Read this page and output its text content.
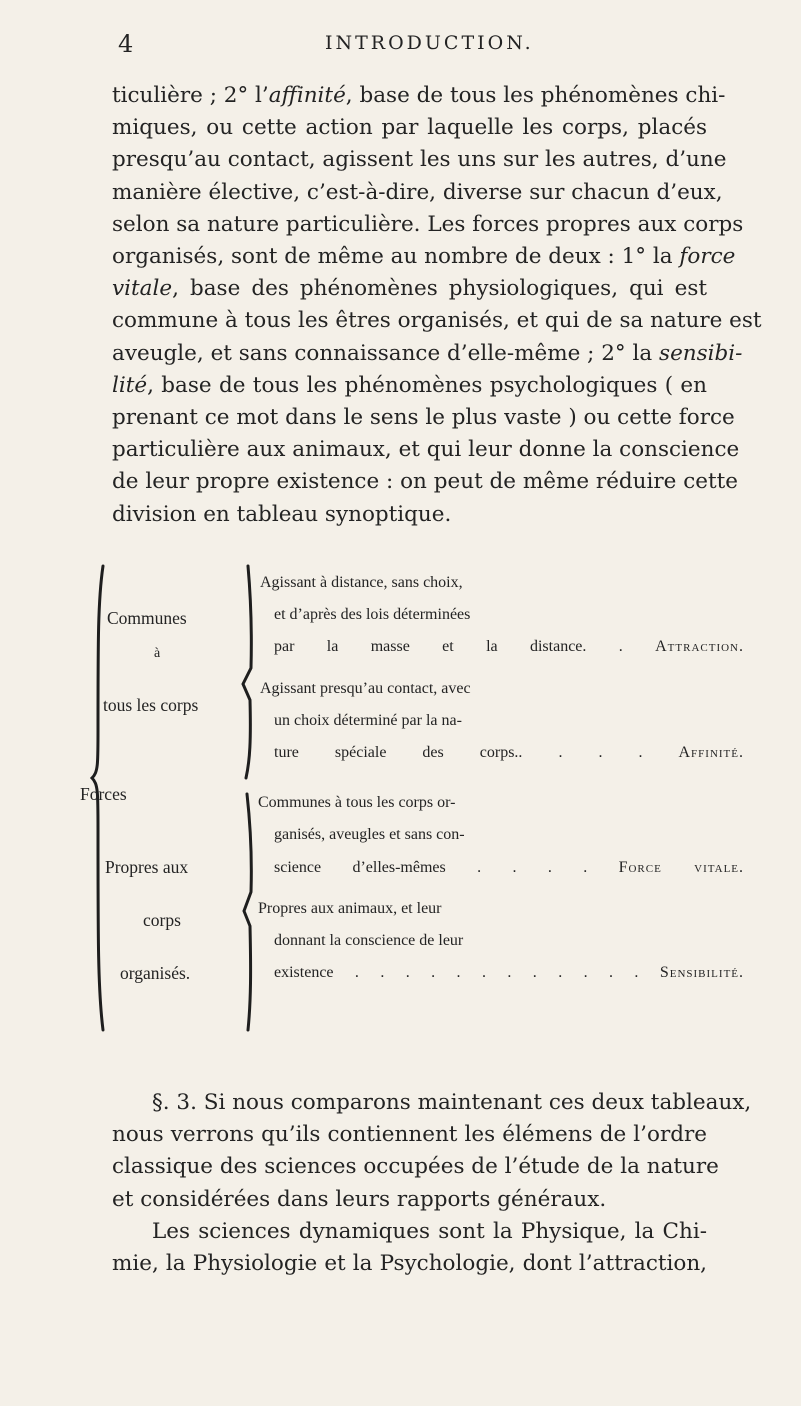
4	INTRODUCTION.
ticulière ; 2° l’affinité, base de tous les phénomènes chi-
miques, ou cette action par laquelle les corps, placés
presqu’au contact, agissent les uns sur les autres, d’une
manière élective, c’est-à-dire, diverse sur chacun d’eux,
selon sa nature particulière. Les forces propres aux corps
organisés, sont de même au nombre de deux : 1° la force
vitale, base des phénomènes physiologiques, qui est
commune à tous les êtres organisés, et qui de sa nature est
aveugle, et sans connaissance d’elle-même ; 2° la sensibi-
lité, base de tous les phénomènes psychologiques ( en
prenant ce mot dans le sens le plus vaste ) ou cette force
particulière aux animaux, et qui leur donne la conscience
de leur propre existence : on peut de même réduire cette
division en tableau synoptique.
Forces
Communes
à
tous les corps
Propres aux
corps
organisés.
Agissant à distance, sans choix,
et d’après des lois déterminées
par la masse et la distance. . Attraction.
Agissant presqu’au contact, avec
un choix déterminé par la na-
ture spéciale des corps.. . . . Affinité.
Communes à tous les corps or-
ganisés, aveugles et sans con-
science d’elles-mêmes . . . . Force vitale.
Propres aux animaux, et leur
donnant la conscience de leur
existence . . . . . . . . . . . . Sensibilité.
§. 3. Si nous comparons maintenant ces deux tableaux,
nous verrons qu’ils contiennent les élémens de l’ordre
classique des sciences occupées de l’étude de la nature
et considérées dans leurs rapports généraux.
Les sciences dynamiques sont la Physique, la Chi-
mie, la Physiologie et la Psychologie, dont l’attraction,
